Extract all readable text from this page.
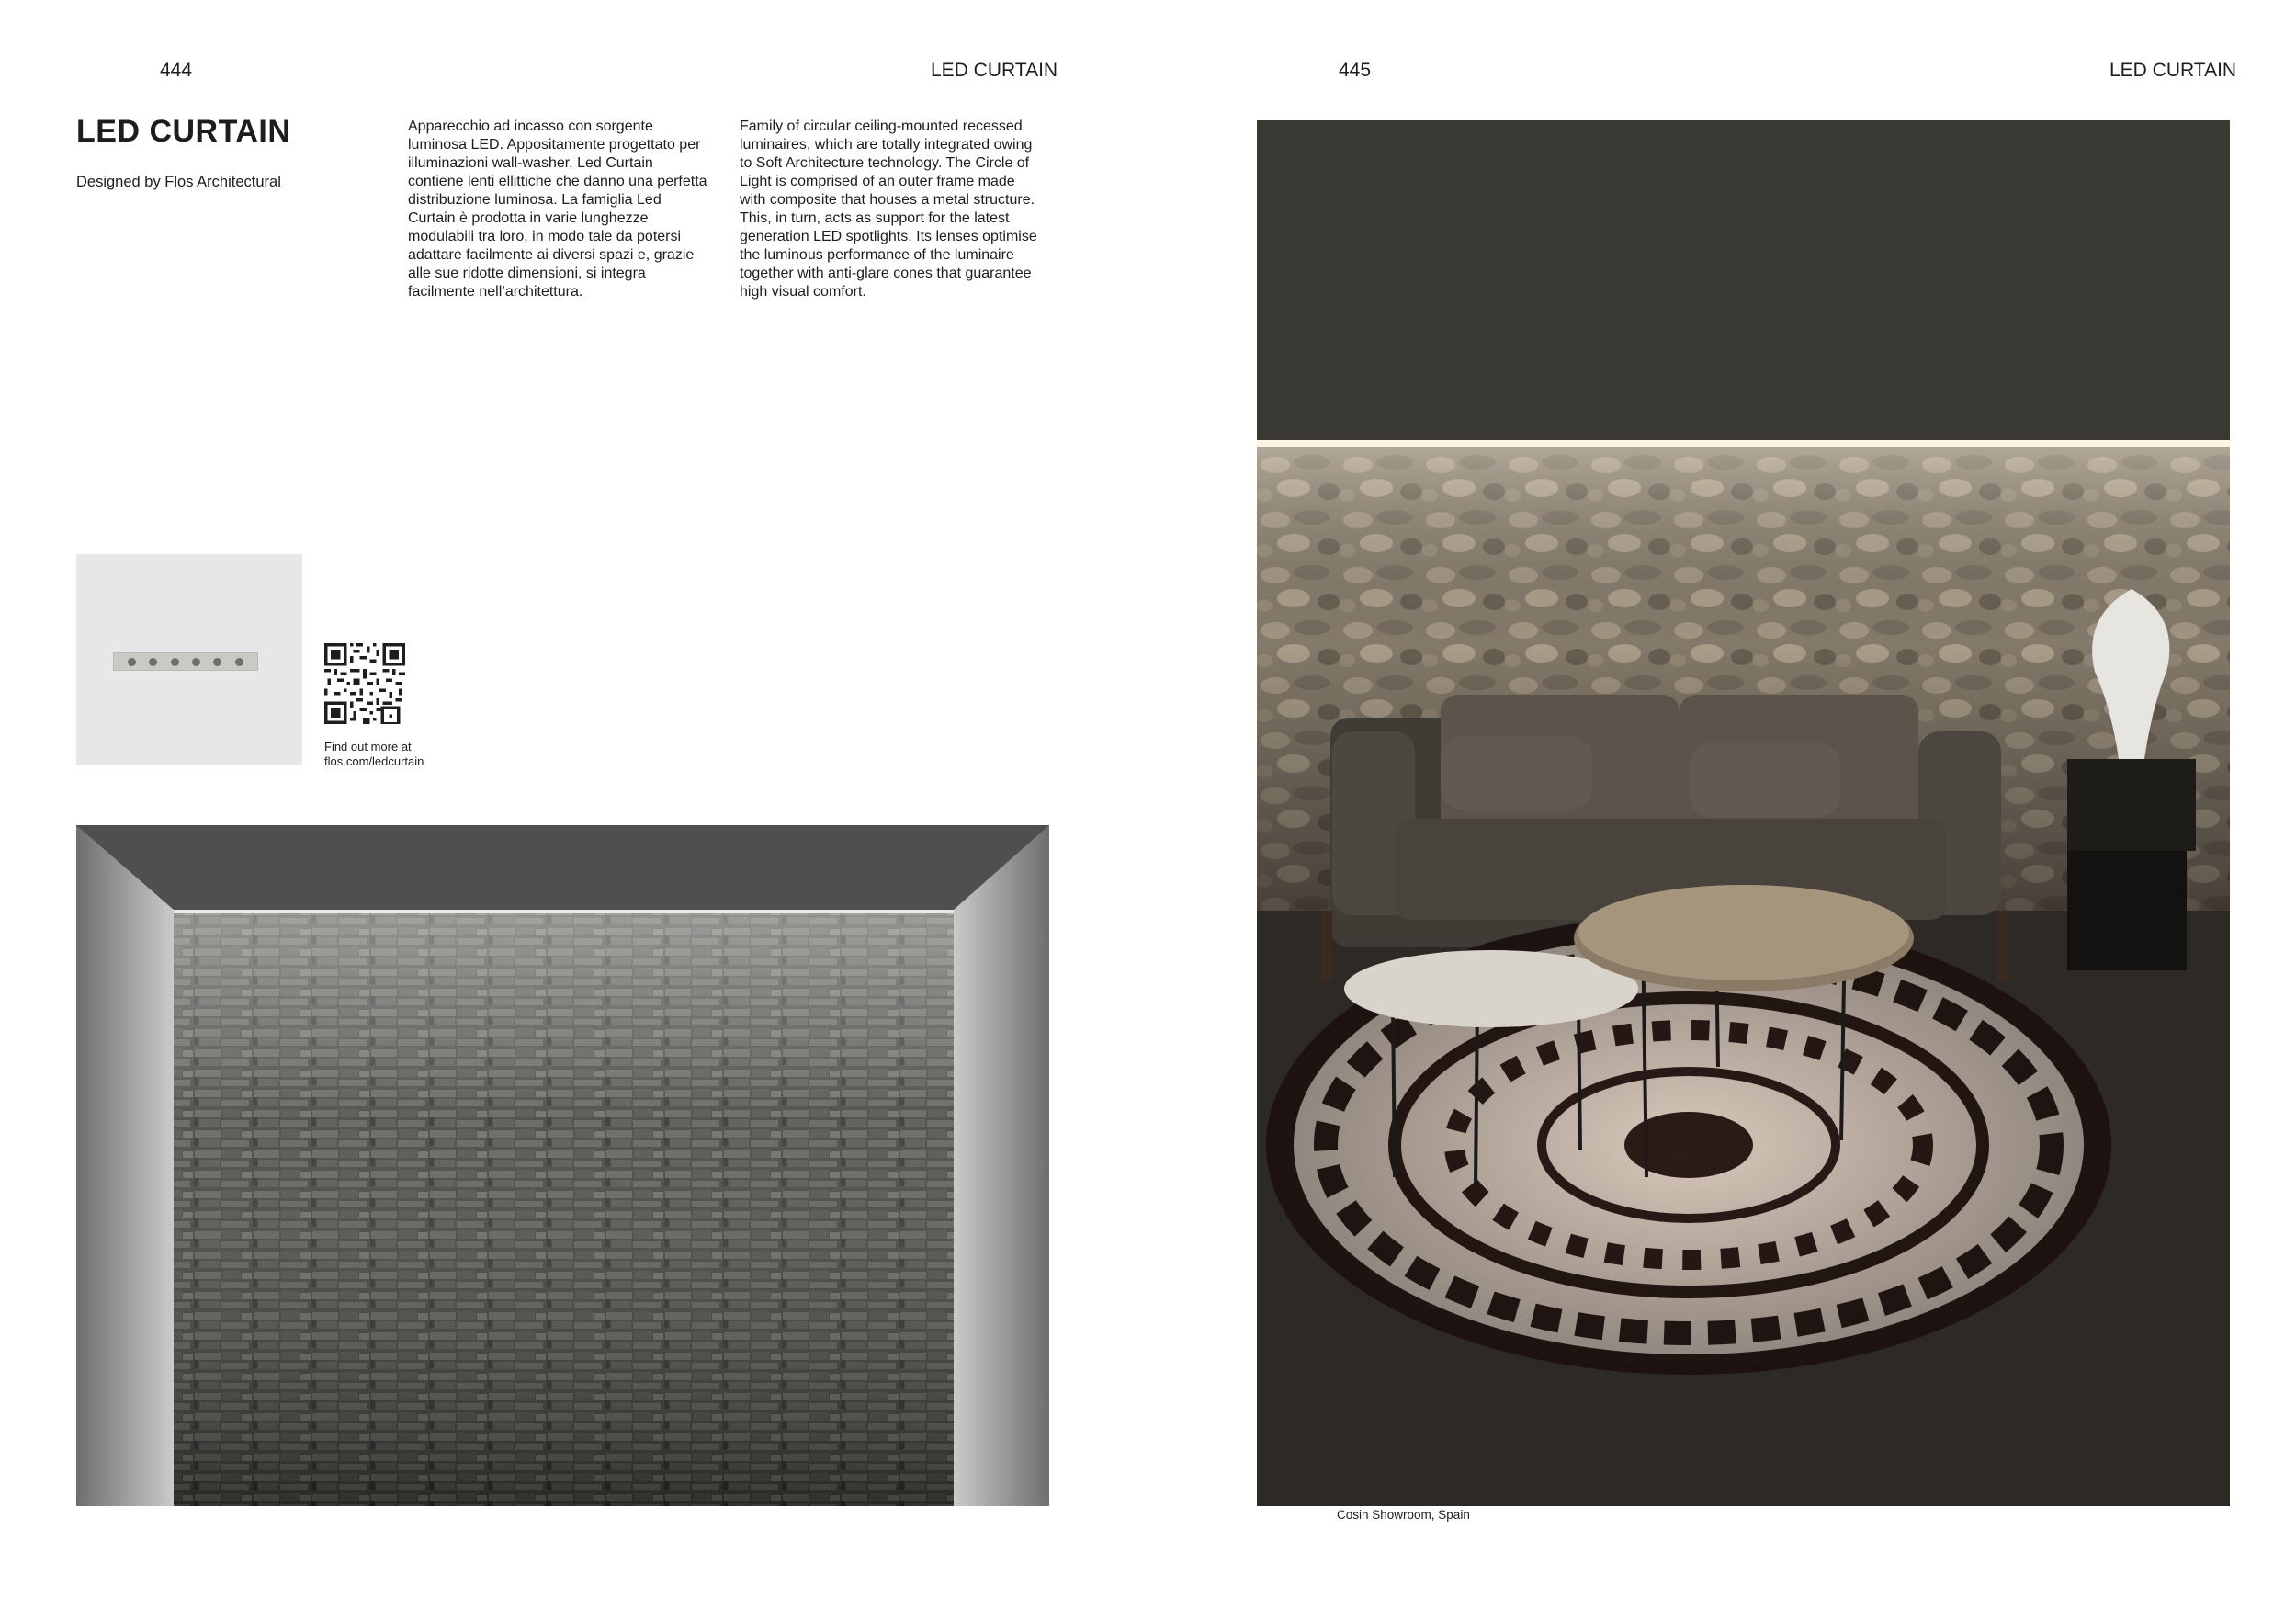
444	LED CURTAIN	445	LED CURTAIN
LED CURTAIN
Designed by Flos Architectural
Apparecchio ad incasso con sorgente luminosa LED. Appositamente progettato per illuminazioni wall-washer, Led Curtain contiene lenti ellittiche che danno una perfetta distribuzione luminosa. La famiglia Led Curtain è prodotta in varie lunghezze modulabili tra loro, in modo tale da potersi adattare facilmente ai diversi spazi e, grazie alle sue ridotte dimensioni, si integra facilmente nell’architettura.
Family of circular ceiling-mounted recessed luminaires, which are totally integrated owing to Soft Architecture technology. The Circle of Light is comprised of an outer frame made with composite that houses a metal structure. This, in turn, acts as support for the latest generation LED spotlights. Its lenses optimise the luminous performance of the luminaire together with anti-glare cones that guarantee high visual comfort.
Find out more at
flos.com/ledcurtain
Cosin Showroom, Spain
